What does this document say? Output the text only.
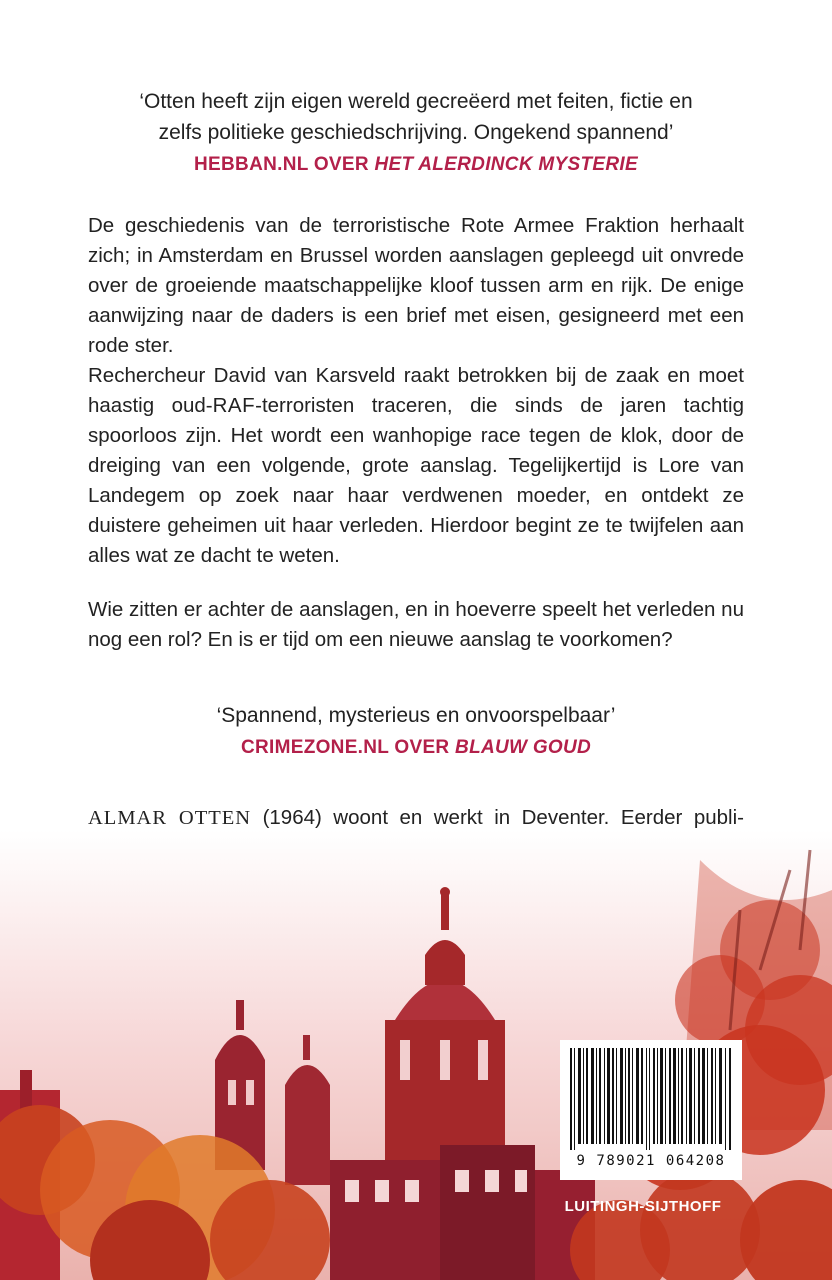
‘Otten heeft zijn eigen wereld gecreëerd met feiten, fictie en
zelfs politieke geschiedschrijving. Ongekend spannend’
HEBBAN.NL OVER HET ALERDINCK MYSTERIE

De geschiedenis van de terroristische Rote Armee Fraktion herhaalt zich; in Amsterdam en Brussel worden aanslagen gepleegd uit onvrede over de groeiende maatschappelijke kloof tussen arm en rijk. De enige aanwijzing naar de daders is een brief met eisen, gesigneerd met een rode ster.

Rechercheur David van Karsveld raakt betrokken bij de zaak en moet haastig oud-RAF-terroristen traceren, die sinds de jaren tachtig spoorloos zijn. Het wordt een wanhopige race tegen de klok, door de dreiging van een volgende, grote aanslag. Tegelijkertijd is Lore van Landegem op zoek naar haar verdwenen moeder, en ontdekt ze duistere geheimen uit haar verleden. Hierdoor begint ze te twijfelen aan alles wat ze dacht te weten.

Wie zitten er achter de aanslagen, en in hoeverre speelt het verleden nu nog een rol? En is er tijd om een nieuwe aanslag te voorkomen?

‘Spannend, mysterieus en onvoorspelbaar’
CRIMEZONE.NL OVER BLAUW GOUD

ALMAR OTTEN (1964) woont en werkt in Deventer. Eerder publi

9 789021 064208
LUITINGH-SIJTHOFF
